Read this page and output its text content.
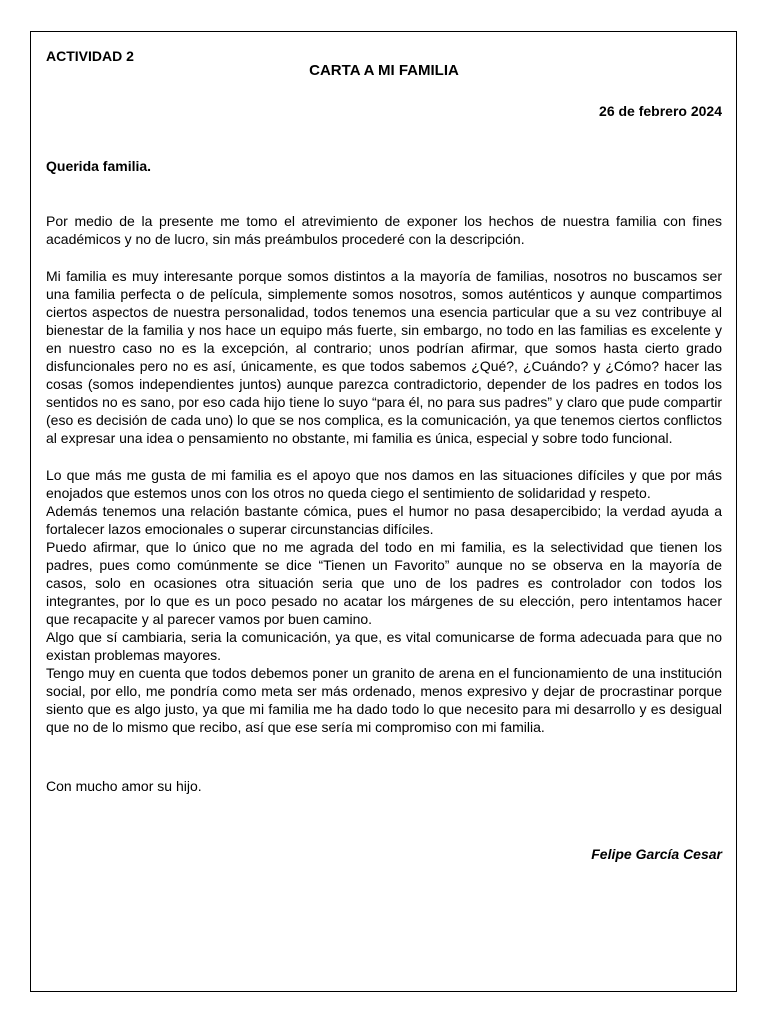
ACTIVIDAD 2

CARTA A MI FAMILIA

26 de febrero 2024

Querida familia.

Por medio de la presente me tomo el atrevimiento de exponer los hechos de nuestra familia con fines académicos y no de lucro, sin más preámbulos procederé con la descripción.

Mi familia es muy interesante porque somos distintos a la mayoría de familias, nosotros no buscamos ser una familia perfecta o de película, simplemente somos nosotros, somos auténticos y aunque compartimos ciertos aspectos de nuestra personalidad, todos tenemos una esencia particular que a su vez contribuye al bienestar de la familia y nos hace un equipo más fuerte, sin embargo, no todo en las familias es excelente y en nuestro caso no es la excepción, al contrario; unos podrían afirmar, que somos hasta cierto grado disfuncionales pero no es así, únicamente, es que todos sabemos ¿Qué?, ¿Cuándo? y ¿Cómo? hacer las cosas (somos independientes juntos) aunque parezca contradictorio, depender de los padres en todos los sentidos no es sano, por eso cada hijo tiene lo suyo “para él, no para sus padres” y claro que pude compartir (eso es decisión de cada uno) lo que se nos complica, es la comunicación, ya que tenemos ciertos conflictos al expresar una idea o pensamiento no obstante, mi familia es única, especial y sobre todo funcional.

Lo que más me gusta de mi familia es el apoyo que nos damos en las situaciones difíciles y que por más enojados que estemos unos con los otros no queda ciego el sentimiento de solidaridad y respeto.

Además tenemos una relación bastante cómica, pues el humor no pasa desapercibido; la verdad ayuda a fortalecer lazos emocionales o superar circunstancias difíciles.

Puedo afirmar, que lo único que no me agrada del todo en mi familia, es la selectividad que tienen los padres, pues como comúnmente se dice “Tienen un Favorito” aunque no se observa en la mayoría de casos, solo en ocasiones otra situación seria que uno de los padres es controlador con todos los integrantes, por lo que es un poco pesado no acatar los márgenes de su elección, pero intentamos hacer que recapacite y al parecer vamos por buen camino.

Algo que sí cambiaria, seria la comunicación, ya que, es vital comunicarse de forma adecuada para que no existan problemas mayores.

Tengo muy en cuenta que todos debemos poner un granito de arena en el funcionamiento de una institución social, por ello, me pondría como meta ser más ordenado, menos expresivo y dejar de procrastinar porque siento que es algo justo, ya que mi familia me ha dado todo lo que necesito para mi desarrollo y es desigual que no de lo mismo que recibo, así que ese sería mi compromiso con mi familia.

Con mucho amor su hijo.

Felipe García Cesar
